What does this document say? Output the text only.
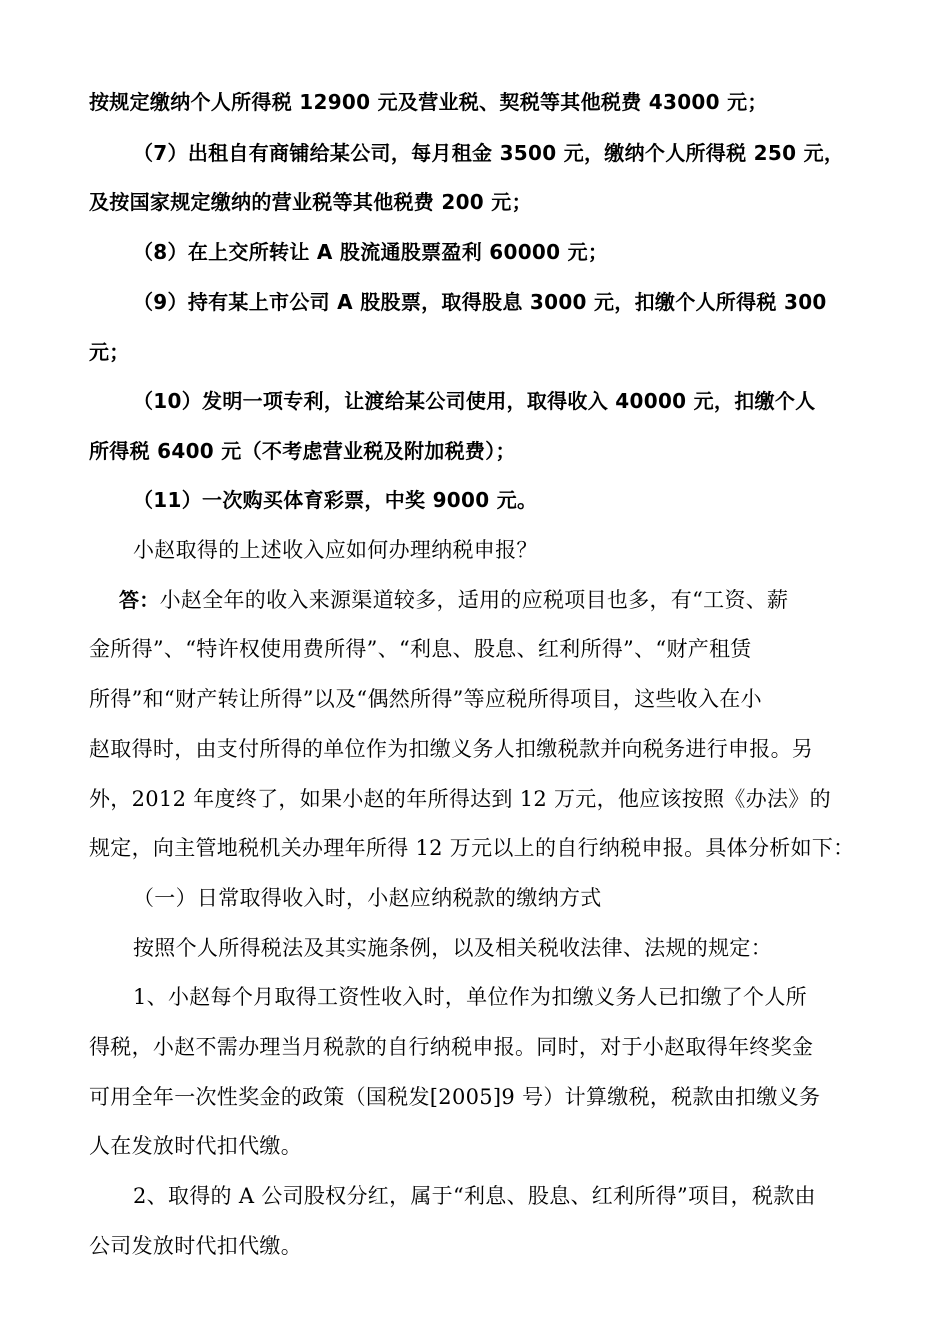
按规定缴纳个人所得税 12900 元及营业税、契税等其他税费 43000 元；
（7）出租自有商铺给某公司，每月租金 3500 元，缴纳个人所得税 250 元，
及按国家规定缴纳的营业税等其他税费 200 元；
（8）在上交所转让 A 股流通股票盈利 60000 元；
（9）持有某上市公司 A 股股票，取得股息 3000 元，扣缴个人所得税 300
元；
（10）发明一项专利，让渡给某公司使用，取得收入 40000 元，扣缴个人
所得税 6400 元（不考虑营业税及附加税费）；
（11）一次购买体育彩票，中奖 9000 元。
小赵取得的上述收入应如何办理纳税申报？
答：小赵全年的收入来源渠道较多，适用的应税项目也多，有“工资、薪
金所得”、“特许权使用费所得”、“利息、股息、红利所得”、“财产租赁
所得”和“财产转让所得”以及“偶然所得”等应税所得项目，这些收入在小
赵取得时，由支付所得的单位作为扣缴义务人扣缴税款并向税务进行申报。另
外，2012 年度终了，如果小赵的年所得达到 12 万元，他应该按照《办法》的
规定，向主管地税机关办理年所得 12 万元以上的自行纳税申报。具体分析如下：
（一）日常取得收入时，小赵应纳税款的缴纳方式
按照个人所得税法及其实施条例，以及相关税收法律、法规的规定：
1、小赵每个月取得工资性收入时，单位作为扣缴义务人已扣缴了个人所
得税，小赵不需办理当月税款的自行纳税申报。同时，对于小赵取得年终奖金
可用全年一次性奖金的政策（国税发[2005]9 号）计算缴税，税款由扣缴义务
人在发放时代扣代缴。
2、取得的 A 公司股权分红，属于“利息、股息、红利所得”项目，税款由
公司发放时代扣代缴。
